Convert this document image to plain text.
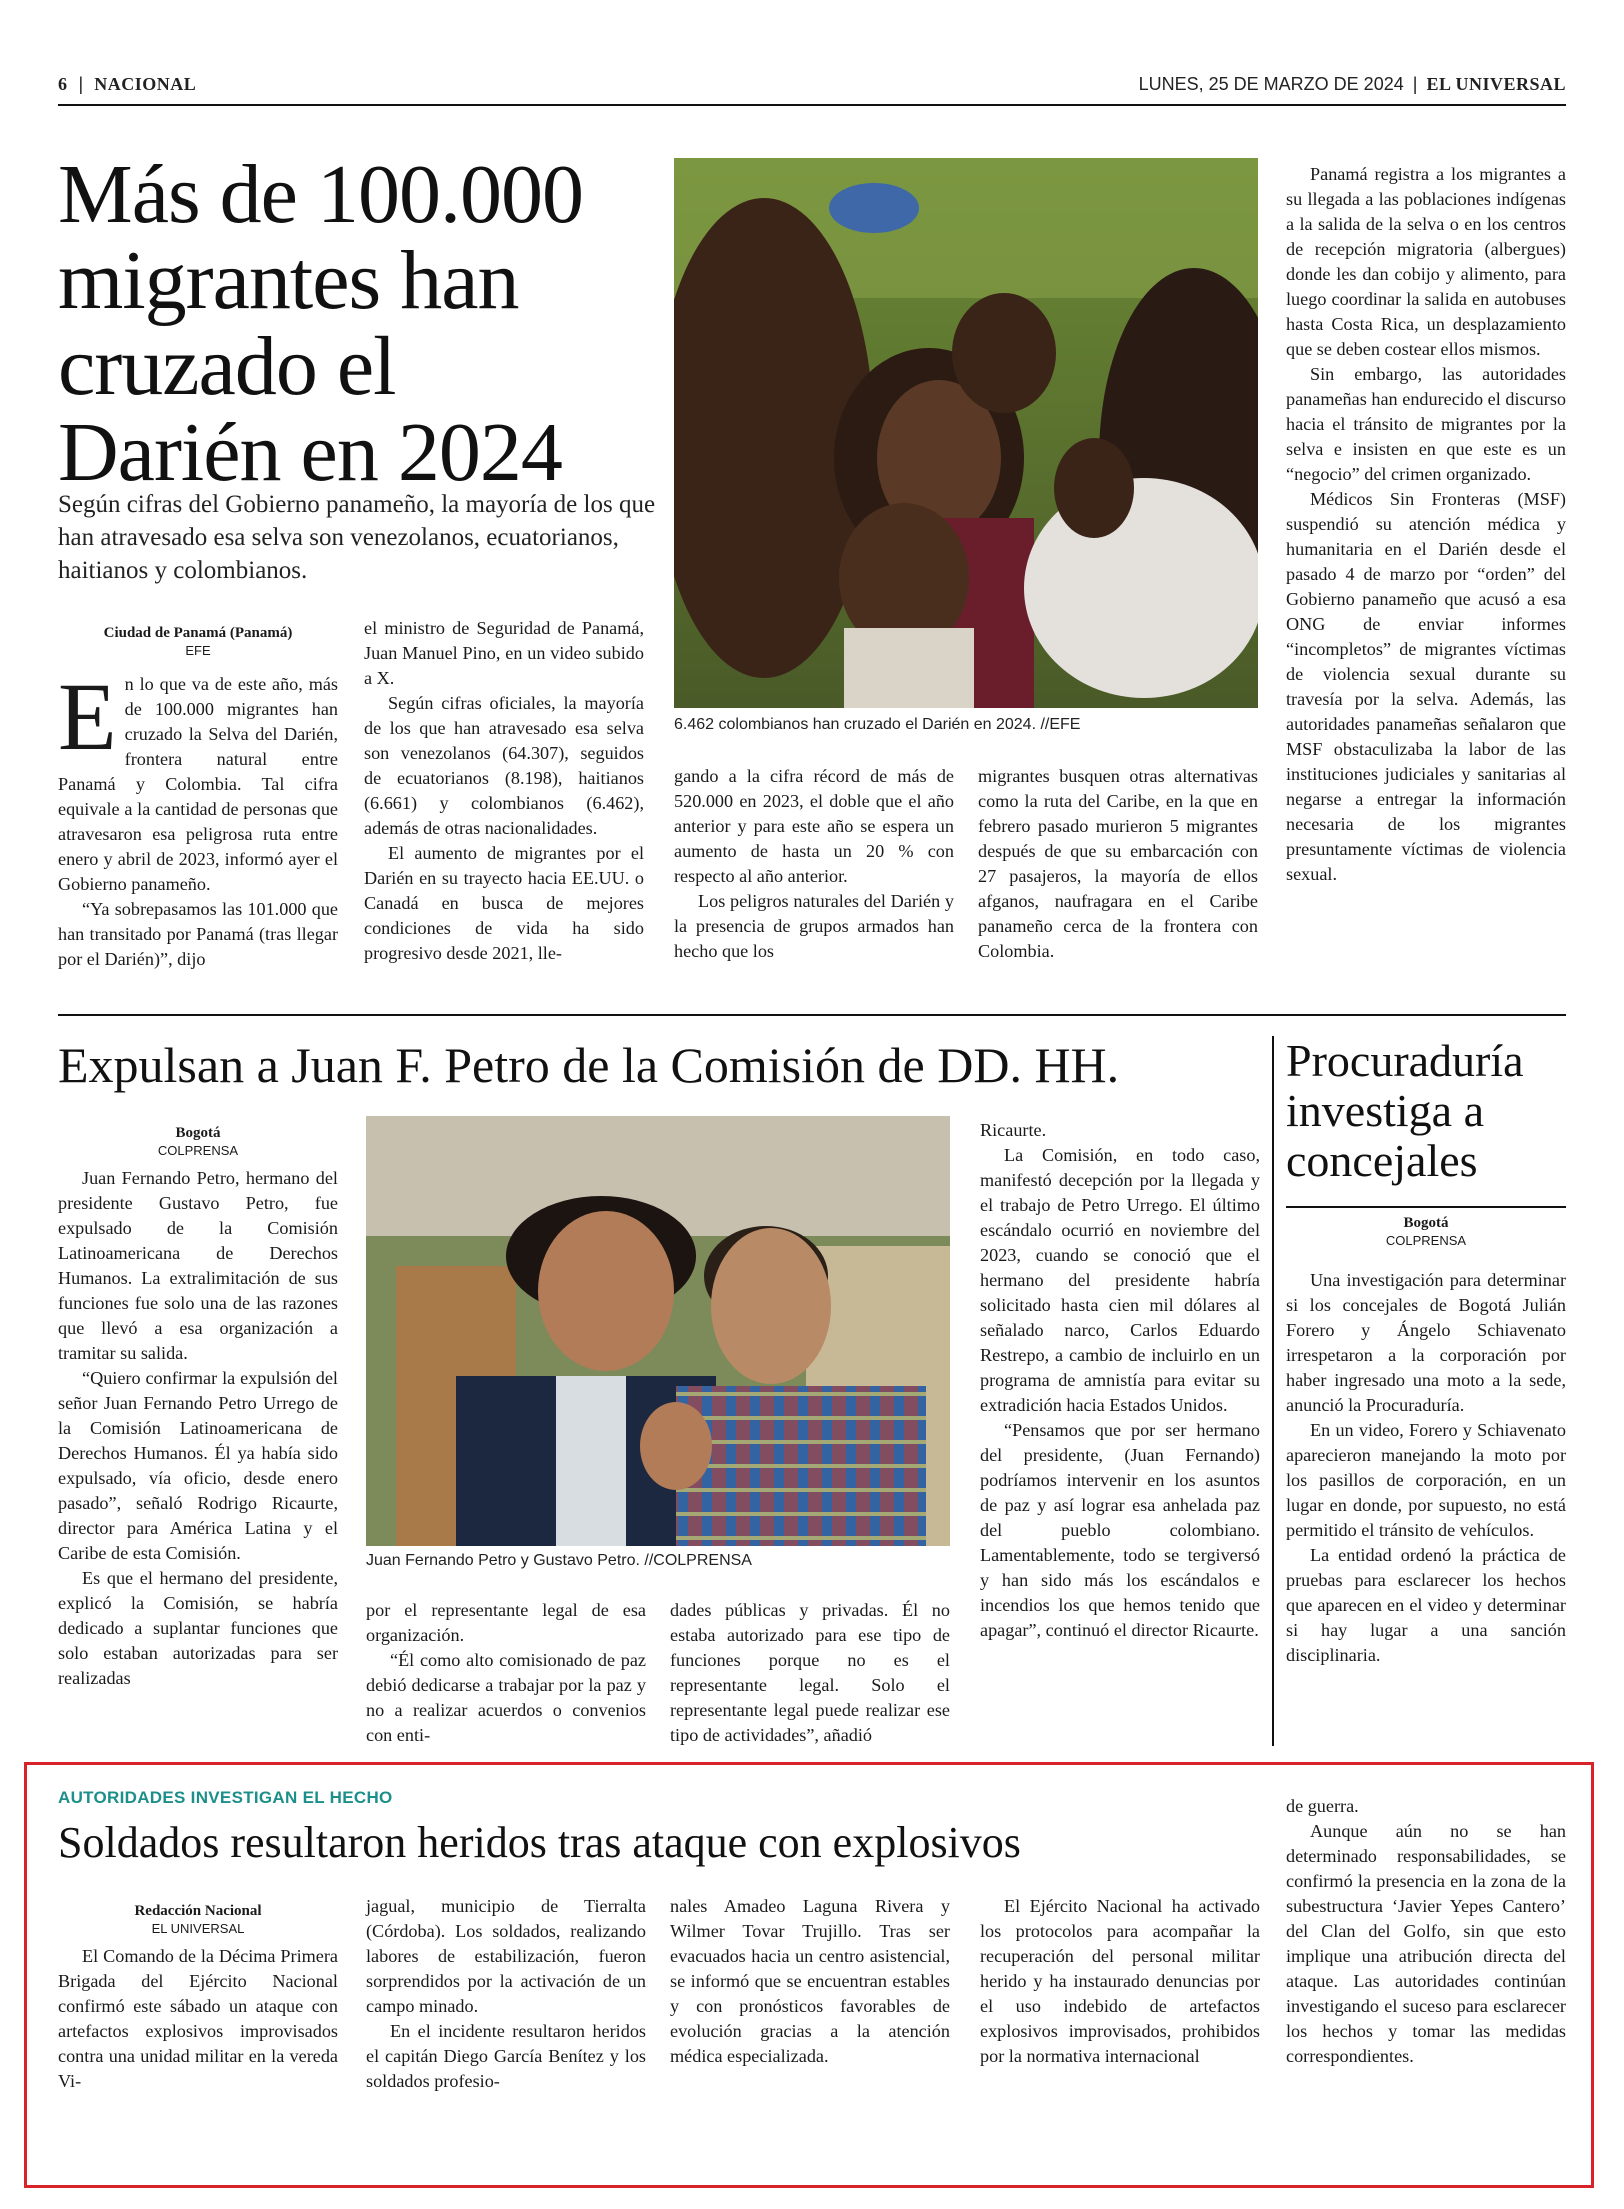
6 | NACIONAL	LUNES, 25 DE MARZO DE 2024 | EL UNIVERSAL
Más de 100.000 migrantes han cruzado el Darién en 2024
Según cifras del Gobierno panameño, la mayoría de los que han atravesado esa selva son venezolanos, ecuatorianos, haitianos y colombianos.
Ciudad de Panamá (Panamá)
EFE

En lo que va de este año, más de 100.000 migrantes han cruzado la Selva del Darién, frontera natural entre Panamá y Colombia. Tal cifra equivale a la cantidad de personas que atravesaron esa peligrosa ruta entre enero y abril de 2023, informó ayer el Gobierno panameño.

“Ya sobrepasamos las 101.000 que han transitado por Panamá (tras llegar por el Darién)”, dijo

el ministro de Seguridad de Panamá, Juan Manuel Pino, en un video subido a X.

Según cifras oficiales, la mayoría de los que han atravesado esa selva son venezolanos (64.307), seguidos de ecuatorianos (8.198), haitianos (6.661) y colombianos (6.462), además de otras nacionalidades.

El aumento de migrantes por el Darién en su trayecto hacia EE.UU. o Canadá en busca de mejores condiciones de vida ha sido progresivo desde 2021, lle-

6.462 colombianos han cruzado el Darién en 2024. //EFE

gando a la cifra récord de más de 520.000 en 2023, el doble que el año anterior y para este año se espera un aumento de hasta un 20 % con respecto al año anterior.

Los peligros naturales del Darién y la presencia de grupos armados han hecho que los

migrantes busquen otras alternativas como la ruta del Caribe, en la que en febrero pasado murieron 5 migrantes después de que su embarcación con 27 pasajeros, la mayoría de ellos afganos, naufragara en el Caribe panameño cerca de la frontera con Colombia.

Panamá registra a los migrantes a su llegada a las poblaciones indígenas a la salida de la selva o en los centros de recepción migratoria (albergues) donde les dan cobijo y alimento, para luego coordinar la salida en autobuses hasta Costa Rica, un desplazamiento que se deben costear ellos mismos.

Sin embargo, las autoridades panameñas han endurecido el discurso hacia el tránsito de migrantes por la selva e insisten en que este es un “negocio” del crimen organizado.

Médicos Sin Fronteras (MSF) suspendió su atención médica y humanitaria en el Darién desde el pasado 4 de marzo por “orden” del Gobierno panameño que acusó a esa ONG de enviar informes “incompletos” de migrantes víctimas de violencia sexual durante su travesía por la selva. Además, las autoridades panameñas señalaron que MSF obstaculizaba la labor de las instituciones judiciales y sanitarias al negarse a entregar la información necesaria de los migrantes presuntamente víctimas de violencia sexual.

Expulsan a Juan F. Petro de la Comisión de DD. HH.
Bogotá
COLPRENSA

Juan Fernando Petro, hermano del presidente Gustavo Petro, fue expulsado de la Comisión Latinoamericana de Derechos Humanos. La extralimitación de sus funciones fue solo una de las razones que llevó a esa organización a tramitar su salida.

“Quiero confirmar la expulsión del señor Juan Fernando Petro Urrego de la Comisión Latinoamericana de Derechos Humanos. Él ya había sido expulsado, vía oficio, desde enero pasado”, señaló Rodrigo Ricaurte, director para América Latina y el Caribe de esta Comisión.

Es que el hermano del presidente, explicó la Comisión, se habría dedicado a suplantar funciones que solo estaban autorizadas para ser realizadas

Juan Fernando Petro y Gustavo Petro. //COLPRENSA

por el representante legal de esa organización.

“Él como alto comisionado de paz debió dedicarse a trabajar por la paz y no a realizar acuerdos o convenios con enti-

dades públicas y privadas. Él no estaba autorizado para ese tipo de funciones porque no es el representante legal. Solo el representante legal puede realizar ese tipo de actividades”, añadió

Ricaurte.

La Comisión, en todo caso, manifestó decepción por la llegada y el trabajo de Petro Urrego. El último escándalo ocurrió en noviembre del 2023, cuando se conoció que el hermano del presidente habría solicitado hasta cien mil dólares al señalado narco, Carlos Eduardo Restrepo, a cambio de incluirlo en un programa de amnistía para evitar su extradición hacia Estados Unidos.

“Pensamos que por ser hermano del presidente, (Juan Fernando) podríamos intervenir en los asuntos de paz y así lograr esa anhelada paz del pueblo colombiano. Lamentablemente, todo se tergiversó y han sido más los escándalos e incendios los que hemos tenido que apagar”, continuó el director Ricaurte.

Procuraduría investiga a concejales
Bogotá
COLPRENSA

Una investigación para determinar si los concejales de Bogotá Julián Forero y Ángelo Schiavenato irrespetaron a la corporación por haber ingresado una moto a la sede, anunció la Procuraduría.

En un video, Forero y Schiavenato aparecieron manejando la moto por los pasillos de corporación, en un lugar en donde, por supuesto, no está permitido el tránsito de vehículos.

La entidad ordenó la práctica de pruebas para esclarecer los hechos que aparecen en el video y determinar si hay lugar a una sanción disciplinaria.

AUTORIDADES INVESTIGAN EL HECHO
Soldados resultaron heridos tras ataque con explosivos
Redacción Nacional
EL UNIVERSAL

El Comando de la Décima Primera Brigada del Ejército Nacional confirmó este sábado un ataque con artefactos explosivos improvisados contra una unidad militar en la vereda Vi-

jagual, municipio de Tierralta (Córdoba). Los soldados, realizando labores de estabilización, fueron sorprendidos por la activación de un campo minado.

En el incidente resultaron heridos el capitán Diego García Benítez y los soldados profesio-

nales Amadeo Laguna Rivera y Wilmer Tovar Trujillo. Tras ser evacuados hacia un centro asistencial, se informó que se encuentran estables y con pronósticos favorables de evolución gracias a la atención médica especializada.

El Ejército Nacional ha activado los protocolos para acompañar la recuperación del personal militar herido y ha instaurado denuncias por el uso indebido de artefactos explosivos improvisados, prohibidos por la normativa internacional

de guerra.

Aunque aún no se han determinado responsabilidades, se confirmó la presencia en la zona de la subestructura ‘Javier Yepes Cantero’ del Clan del Golfo, sin que esto implique una atribución directa del ataque. Las autoridades continúan investigando el suceso para esclarecer los hechos y tomar las medidas correspondientes.
